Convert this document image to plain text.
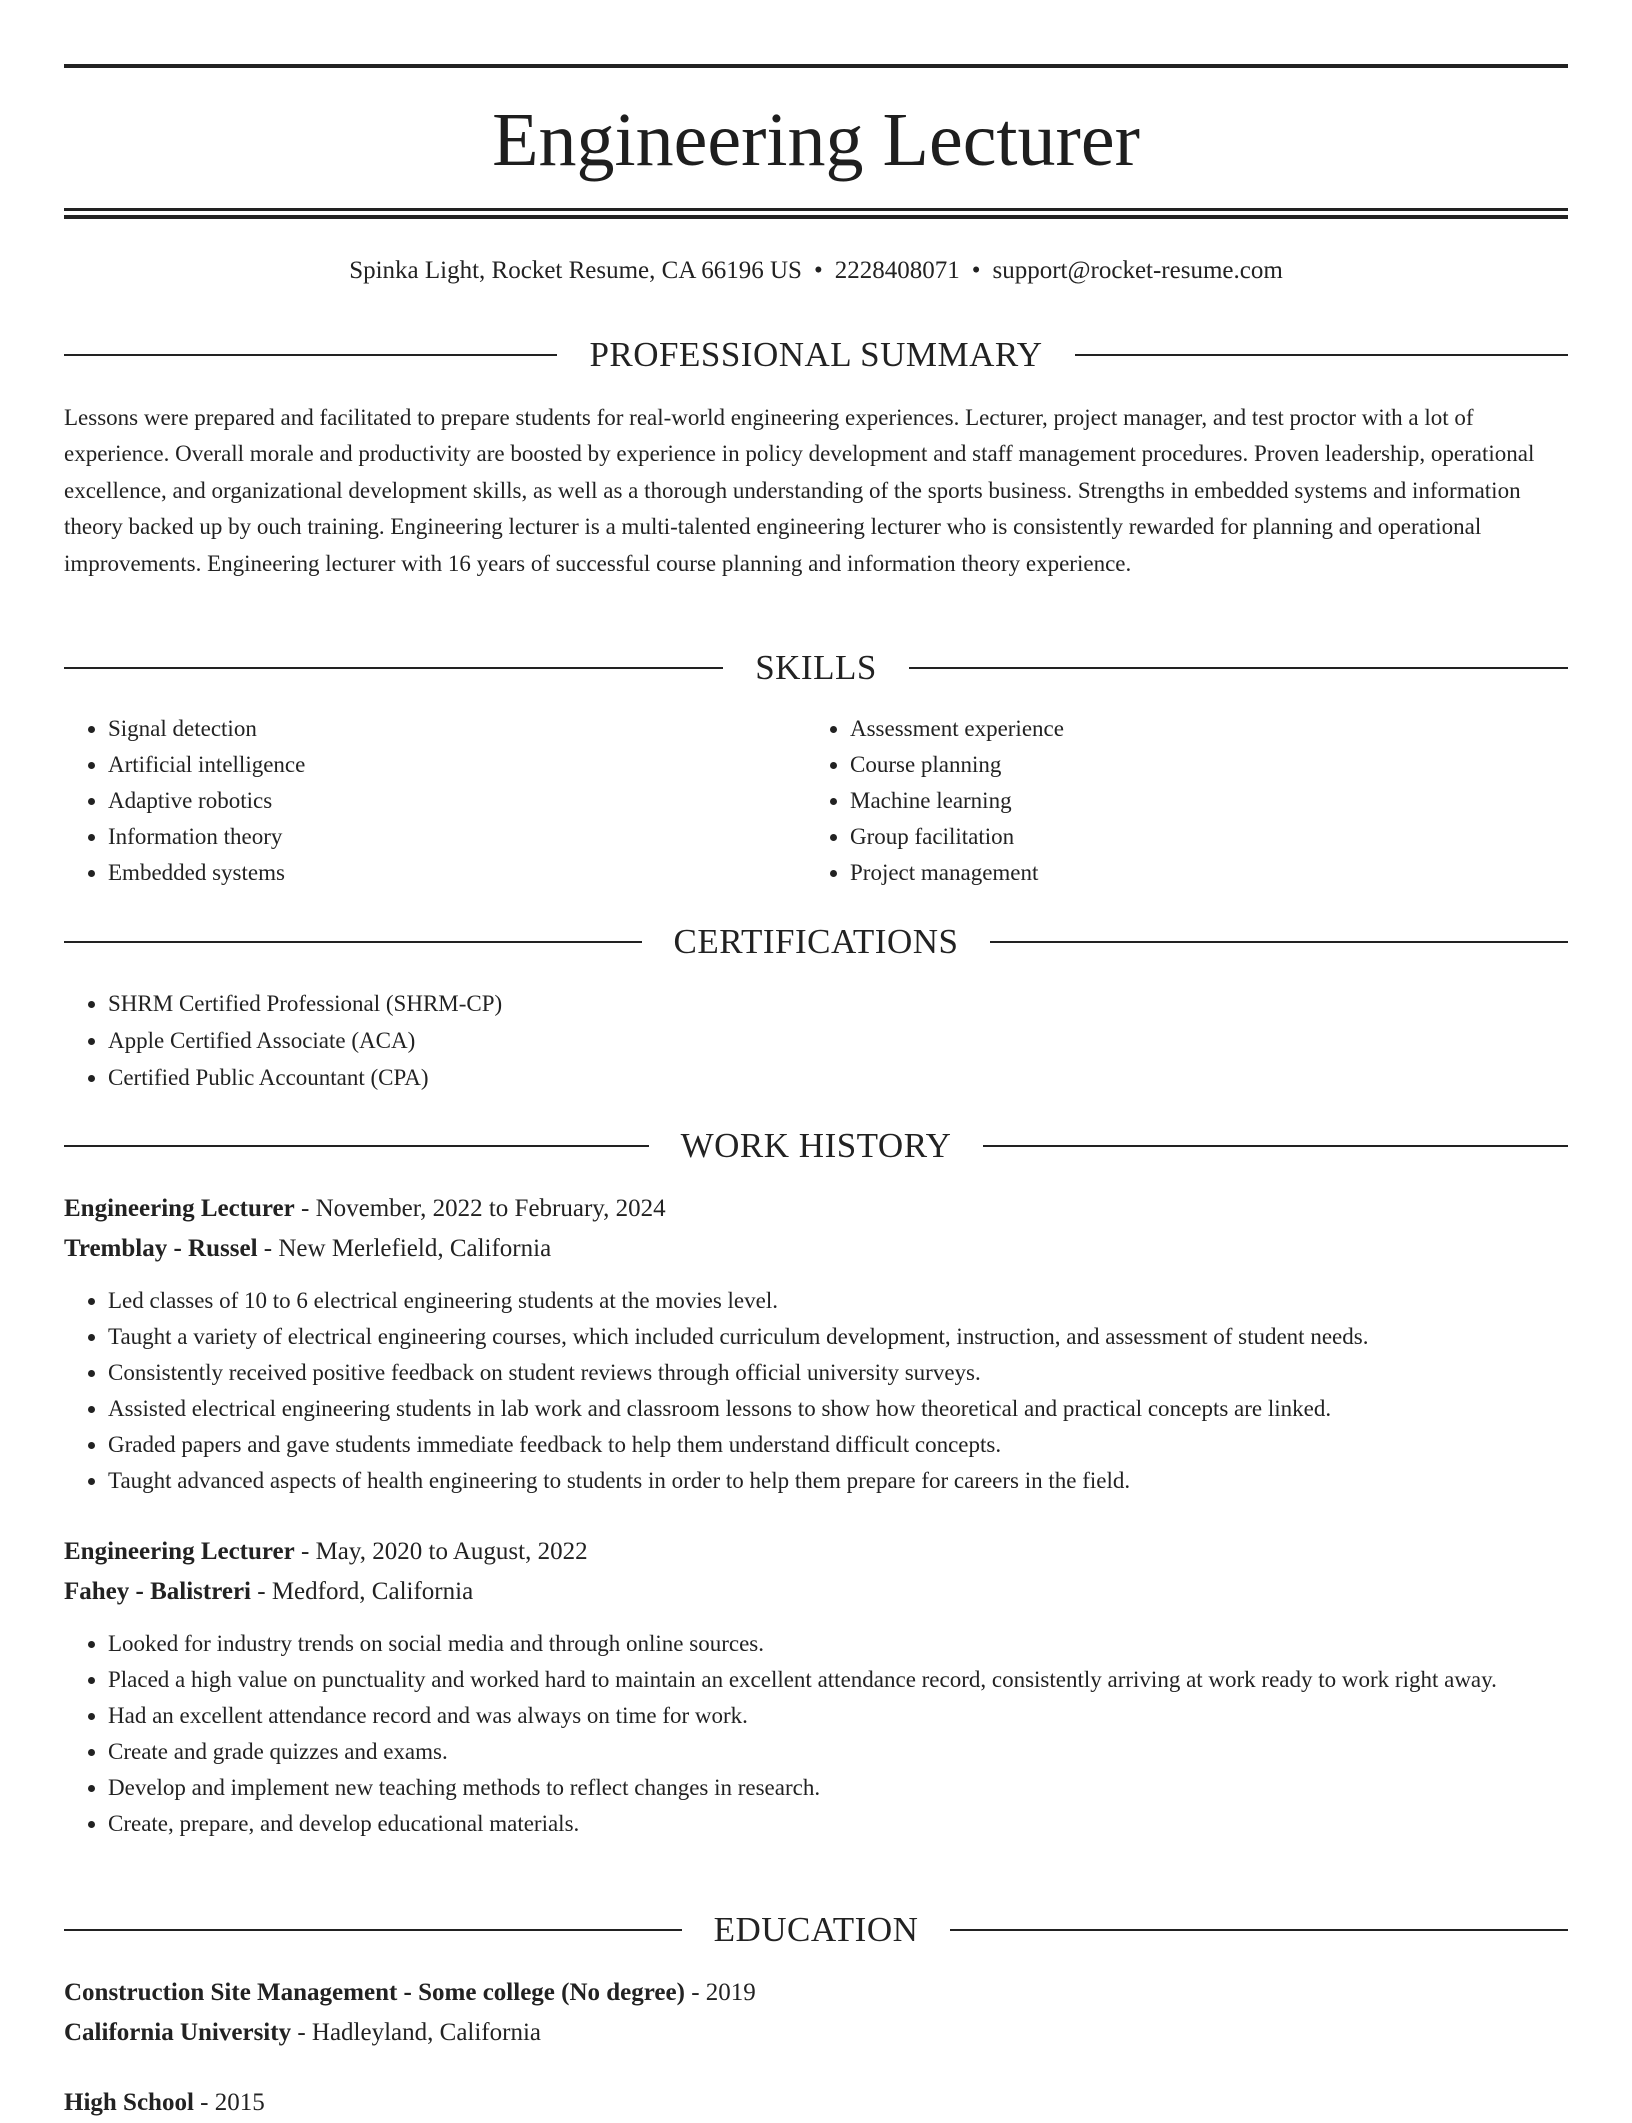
Engineering Lecturer
Spinka Light, Rocket Resume, CA 66196 US • 2228408071 • support@rocket-resume.com
PROFESSIONAL SUMMARY

Lessons were prepared and facilitated to prepare students for real-world engineering experiences. Lecturer, project manager, and test proctor with a lot of experience. Overall morale and productivity are boosted by experience in policy development and staff management procedures. Proven leadership, operational excellence, and organizational development skills, as well as a thorough understanding of the sports business. Strengths in embedded systems and information theory backed up by ouch training. Engineering lecturer is a multi-talented engineering lecturer who is consistently rewarded for planning and operational improvements. Engineering lecturer with 16 years of successful course planning and information theory experience.

SKILLS
• Signal detection
• Artificial intelligence
• Adaptive robotics
• Information theory
• Embedded systems
• Assessment experience
• Course planning
• Machine learning
• Group facilitation
• Project management
CERTIFICATIONS
• SHRM Certified Professional (SHRM-CP)
• Apple Certified Associate (ACA)
• Certified Public Accountant (CPA)
WORK HISTORY
Engineering Lecturer - November, 2022 to February, 2024
Tremblay - Russel - New Merlefield, California
• Led classes of 10 to 6 electrical engineering students at the movies level.
• Taught a variety of electrical engineering courses, which included curriculum development, instruction, and assessment of student needs.
• Consistently received positive feedback on student reviews through official university surveys.
• Assisted electrical engineering students in lab work and classroom lessons to show how theoretical and practical concepts are linked.
• Graded papers and gave students immediate feedback to help them understand difficult concepts.
• Taught advanced aspects of health engineering to students in order to help them prepare for careers in the field.
Engineering Lecturer - May, 2020 to August, 2022
Fahey - Balistreri - Medford, California
• Looked for industry trends on social media and through online sources.
• Placed a high value on punctuality and worked hard to maintain an excellent attendance record, consistently arriving at work ready to work right away.
• Had an excellent attendance record and was always on time for work.
• Create and grade quizzes and exams.
• Develop and implement new teaching methods to reflect changes in research.
• Create, prepare, and develop educational materials.
EDUCATION
Construction Site Management - Some college (No degree) - 2019
California University - Hadleyland, California
High School - 2015
